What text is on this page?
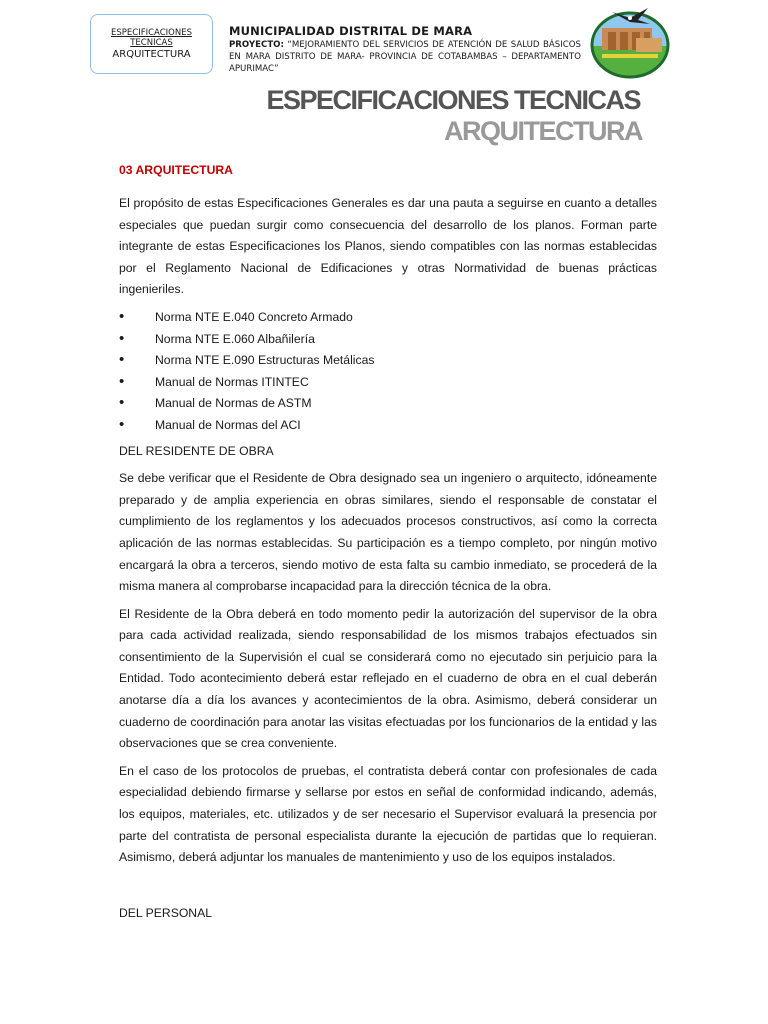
ESPECIFICACIONES
TECNICAS
ARQUITECTURA
MUNICIPALIDAD DISTRITAL DE MARA
PROYECTO: “MEJORAMIENTO DEL SERVICIOS DE ATENCIÓN DE SALUD BÁSICOS EN MARA DISTRITO DE MARA- PROVINCIA DE COTABAMBAS – DEPARTAMENTO APURIMAC”
ESPECIFICACIONES TECNICAS
ARQUITECTURA
03 ARQUITECTURA

El propósito de estas Especificaciones Generales es dar una pauta a seguirse en cuanto a detalles especiales que puedan surgir como consecuencia del desarrollo de los planos. Forman parte integrante de estas Especificaciones los Planos, siendo compatibles con las normas establecidas por el Reglamento Nacional de Edificaciones y otras Normatividad de buenas prácticas ingenieriles.

•	Norma NTE E.040 Concreto Armado
•	Norma NTE E.060 Albañilería
•	Norma NTE E.090 Estructuras Metálicas
•	Manual de Normas ITINTEC
•	Manual de Normas de ASTM
•	Manual de Normas del ACI
DEL RESIDENTE DE OBRA

Se debe verificar que el Residente de Obra designado sea un ingeniero o arquitecto, idóneamente preparado y de amplia experiencia en obras similares, siendo el responsable de constatar el cumplimiento de los reglamentos y los adecuados procesos constructivos, así como la correcta aplicación de las normas establecidas. Su participación es a tiempo completo, por ningún motivo encargará la obra a terceros, siendo motivo de esta falta su cambio inmediato, se procederá de la misma manera al comprobarse incapacidad para la dirección técnica de la obra.

El Residente de la Obra deberá en todo momento pedir la autorización del supervisor de la obra para cada actividad realizada, siendo responsabilidad de los mismos trabajos efectuados sin consentimiento de la Supervisión el cual se considerará como no ejecutado sin perjuicio para la Entidad. Todo acontecimiento deberá estar reflejado en el cuaderno de obra en el cual deberán anotarse día a día los avances y acontecimientos de la obra. Asimismo, deberá considerar un cuaderno de coordinación para anotar las visitas efectuadas por los funcionarios de la entidad y las observaciones que se crea conveniente.

En el caso de los protocolos de pruebas, el contratista deberá contar con profesionales de cada especialidad debiendo firmarse y sellarse por estos en señal de conformidad indicando, además, los equipos, materiales, etc. utilizados y de ser necesario el Supervisor evaluará la presencia por parte del contratista de personal especialista durante la ejecución de partidas que lo requieran. Asimismo, deberá adjuntar los manuales de mantenimiento y uso de los equipos instalados.

DEL PERSONAL
